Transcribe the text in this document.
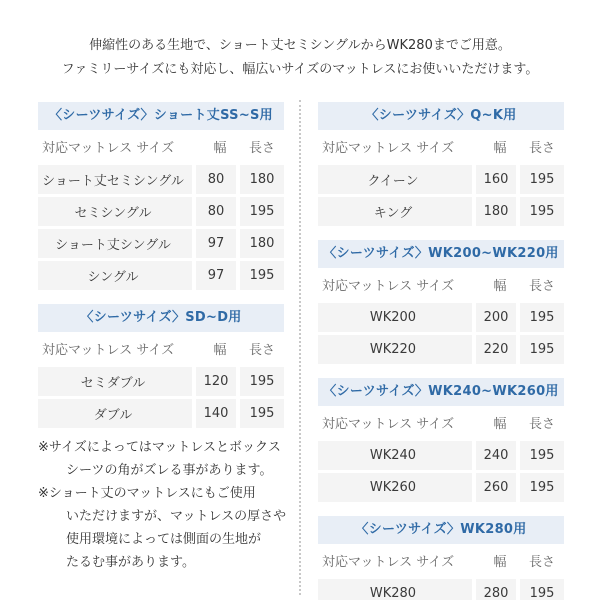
伸縮性のある生地で、ショート丈セミシングルからWK280までご用意。
ファミリーサイズにも対応し、幅広いサイズのマットレスにお使いいただけます。
〈シーツサイズ〉ショート丈SS~S用
対応マットレス サイズ	幅	長さ
ショート丈セミシングル	80	180
セミシングル	80	195
ショート丈シングル	97	180
シングル	97	195
〈シーツサイズ〉SD~D用
対応マットレス サイズ	幅	長さ
セミダブル	120	195
ダブル	140	195
〈シーツサイズ〉Q~K用
対応マットレス サイズ	幅	長さ
クイーン	160	195
キング	180	195
〈シーツサイズ〉WK200~WK220用
対応マットレス サイズ	幅	長さ
WK200	200	195
WK220	220	195
〈シーツサイズ〉WK240~WK260用
対応マットレス サイズ	幅	長さ
WK240	240	195
WK260	260	195
〈シーツサイズ〉WK280用
対応マットレス サイズ	幅	長さ
WK280	280	195
※サイズによってはマットレスとボックス
シーツの角がズレる事があります。
※ショート丈のマットレスにもご使用
いただけますが、マットレスの厚さや
使用環境によっては側面の生地が
たるむ事があります。
